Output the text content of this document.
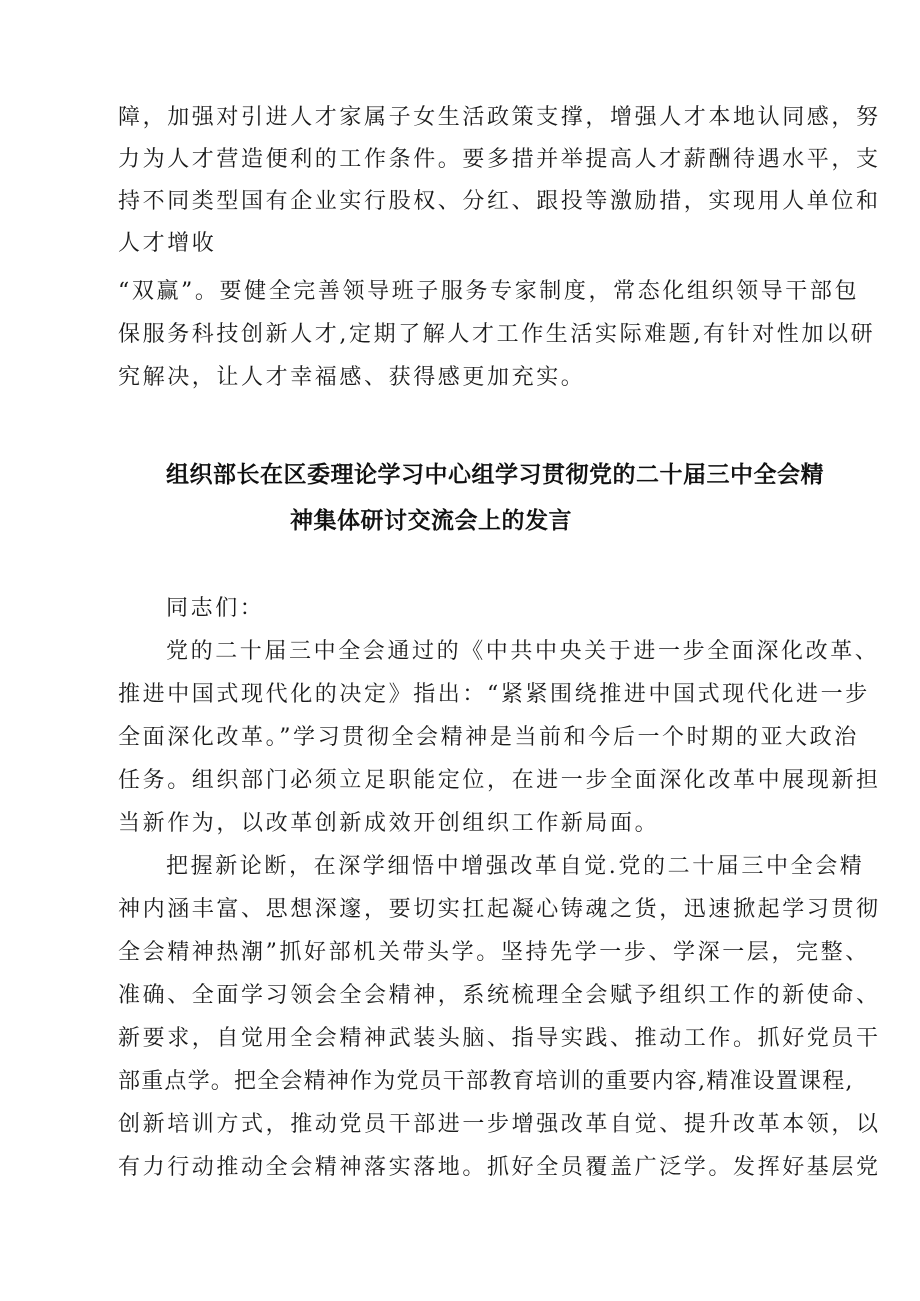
障，加强对引进人才家属子女生活政策支撑，增强人才本地认同感，努
力为人才营造便利的工作条件。要多措并举提高人才薪酬待遇水平，支
持不同类型国有企业实行股权、分红、跟投等激励措，实现用人单位和
人才增收
“双赢”。要健全完善领导班子服务专家制度，常态化组织领导干部包
保服务科技创新人才,定期了解人才工作生活实际难题,有针对性加以研
究解决，让人才幸福感、获得感更加充实。
组织部长在区委理论学习中心组学习贯彻党的二十届三中全会精
神集体研讨交流会上的发言
同志们：
党的二十届三中全会通过的《中共中央关于进一步全面深化改革、
推进中国式现代化的决定》指出：“紧紧围绕推进中国式现代化进一步
全面深化改革。”学习贯彻全会精神是当前和今后一个时期的亚大政治
任务。组织部门必须立足职能定位，在进一步全面深化改革中展现新担
当新作为，以改革创新成效开创组织工作新局面。
把握新论断，在深学细悟中增强改革自觉.党的二十届三中全会精
神内涵丰富、思想深邃，要切实扛起凝心铸魂之货，迅速掀起学习贯彻
全会精神热潮”抓好部机关带头学。坚持先学一步、学深一层，完整、
准确、全面学习领会全会精神，系统梳理全会赋予组织工作的新使命、
新要求，自觉用全会精神武装头脑、指导实践、推动工作。抓好党员干
部重点学。把全会精神作为党员干部教育培训的重要内容,精准设置课程,
创新培训方式，推动党员干部进一步增强改革自觉、提升改革本领，以
有力行动推动全会精神落实落地。抓好全员覆盖广泛学。发挥好基层党
